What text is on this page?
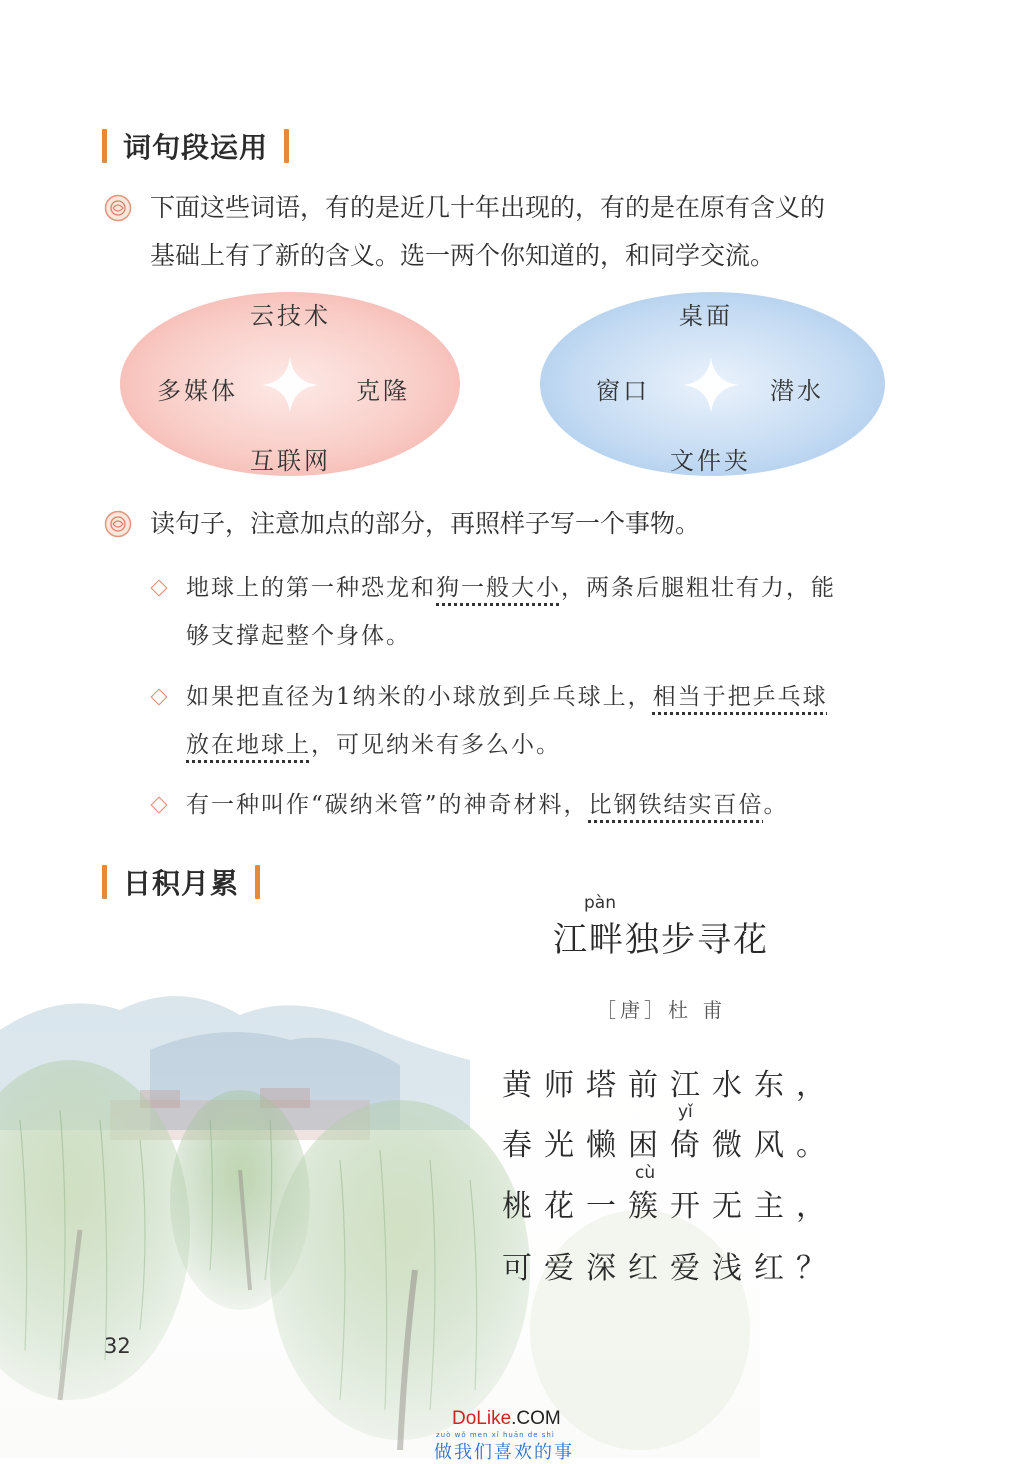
词句段运用
下面这些词语，有的是近几十年出现的，有的是在原有含义的
基础上有了新的含义。选一两个你知道的，和同学交流。
云技术
多媒体	克隆
互联网
桌面
窗口	潜水
文件夹
读句子，注意加点的部分，再照样子写一个事物。
地球上的第一种恐龙和狗一般大小，两条后腿粗壮有力，能
够支撑起整个身体。
如果把直径为1纳米的小球放到乒乓球上，相当于把乒乓球
放在地球上，可见纳米有多么小。
有一种叫作“碳纳米管”的神奇材料，比钢铁结实百倍。
日积月累
pàn
江畔独步寻花
［唐］杜 甫
黄师塔前江水东，
yǐ
春光懒困倚微风。
cù
桃花一簇开无主，
可爱深红爱浅红？
32
DoLike.COM
zuò wǒ men xǐ huān de shì
做我们喜欢的事
